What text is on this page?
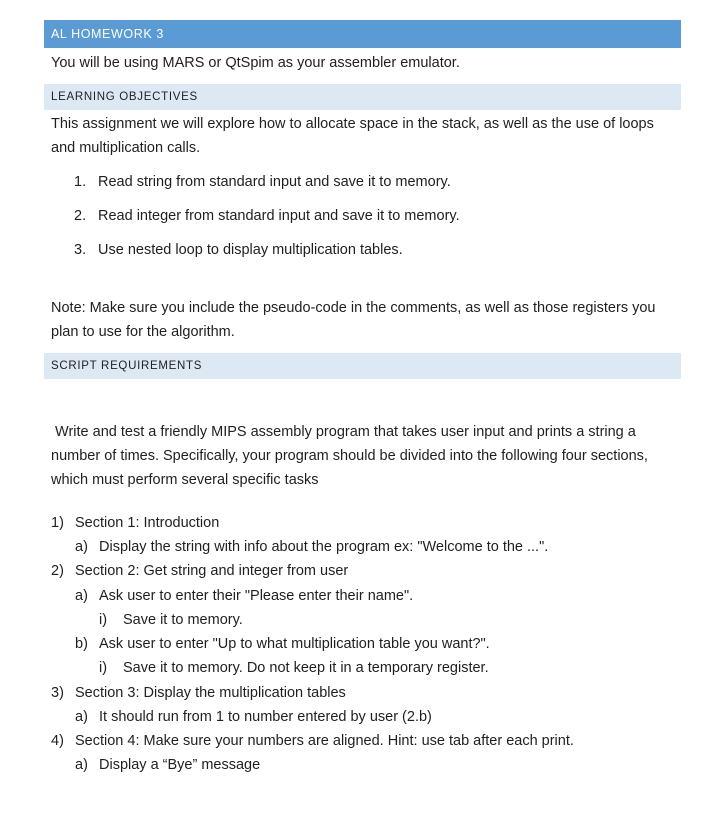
AL HOMEWORK 3
You will be using MARS or QtSpim as your assembler emulator.
LEARNING OBJECTIVES
This assignment we will explore how to allocate space in the stack, as well as the use of loops and multiplication calls.
1. Read string from standard input and save it to memory.
2. Read integer from standard input and save it to memory.
3. Use nested loop to display multiplication tables.
Note: Make sure you include the pseudo-code in the comments, as well as those registers you plan to use for the algorithm.
SCRIPT REQUIREMENTS
Write and test a friendly MIPS assembly program that takes user input and prints a string a number of times. Specifically, your program should be divided into the following four sections, which must perform several specific tasks
1) Section 1: Introduction
a) Display the string with info about the program ex: "Welcome to the ...".
2) Section 2: Get string and integer from user
a) Ask user to enter their "Please enter their name".
i) Save it to memory.
b) Ask user to enter "Up to what multiplication table you want?".
i) Save it to memory. Do not keep it in a temporary register.
3) Section 3: Display the multiplication tables
a) It should run from 1 to number entered by user (2.b)
4) Section 4: Make sure your numbers are aligned. Hint: use tab after each print.
a) Display a “Bye” message
